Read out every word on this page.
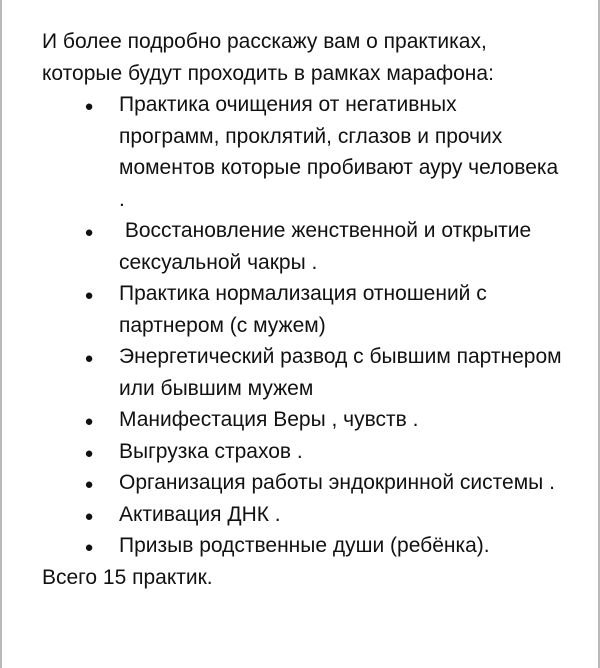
И более подробно расскажу вам о практиках, которые будут проходить в рамках марафона:

●
Практика очищения от негативных программ, проклятий, сглазов и прочих моментов которые пробивают ауру человека .
●
Восстановление женственной и открытие сексуальной чакры .
●
Практика нормализация отношений с партнером (с мужем)
●
Энергетический развод с бывшим партнером или бывшим мужем
●
Манифестация Веры , чувств .
●
Выгрузка страхов .
●
Организация работы эндокринной системы .
●
Активация ДНК .
●
Призыв родственные души (ребёнка).

Всего 15 практик.
